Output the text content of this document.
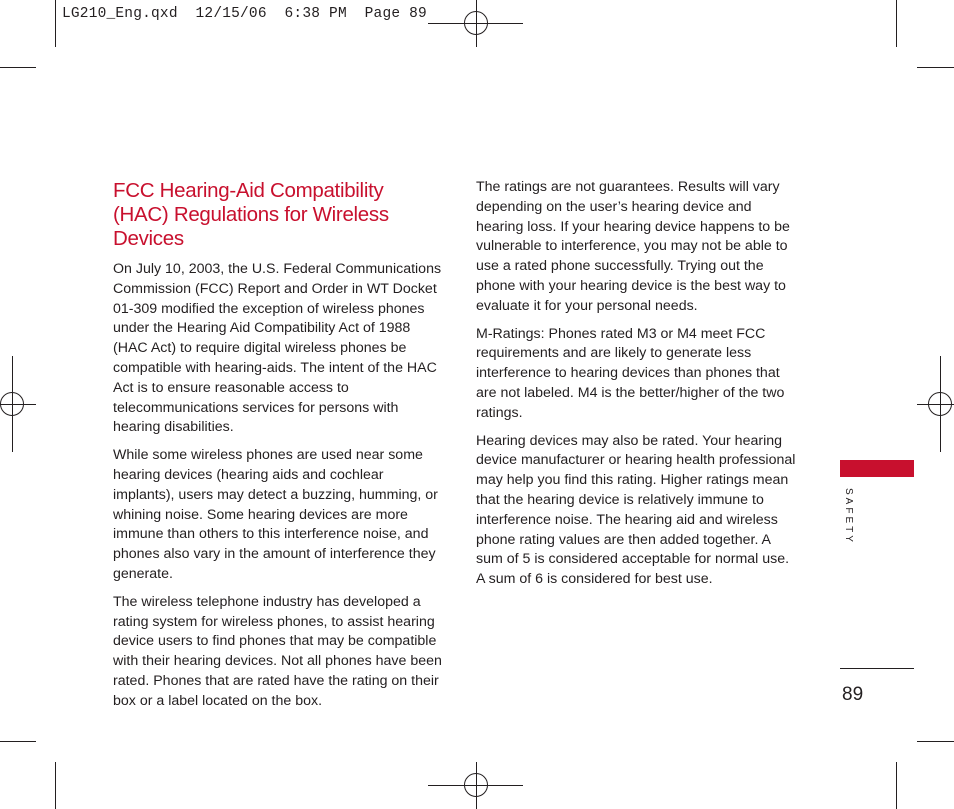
LG210_Eng.qxd  12/15/06  6:38 PM  Page 89
FCC Hearing-Aid Compatibility (HAC) Regulations for Wireless Devices

On July 10, 2003, the U.S. Federal Communications Commission (FCC) Report and Order in WT Docket 01-309 modified the exception of wireless phones under the Hearing Aid Compatibility Act of 1988 (HAC Act) to require digital wireless phones be compatible with hearing-aids. The intent of the HAC Act is to ensure reasonable access to telecommunications services for persons with hearing disabilities.

While some wireless phones are used near some hearing devices (hearing aids and cochlear implants), users may detect a buzzing, humming, or whining noise. Some hearing devices are more immune than others to this interference noise, and phones also vary in the amount of interference they generate.

The wireless telephone industry has developed a rating system for wireless phones, to assist hearing device users to find phones that may be compatible with their hearing devices. Not all phones have been rated. Phones that are rated have the rating on their box or a label located on the box.

The ratings are not guarantees. Results will vary depending on the user’s hearing device and hearing loss. If your hearing device happens to be vulnerable to interference, you may not be able to use a rated phone successfully. Trying out the phone with your hearing device is the best way to evaluate it for your personal needs.

M-Ratings: Phones rated M3 or M4 meet FCC requirements and are likely to generate less interference to hearing devices than phones that are not labeled. M4 is the better/higher of the two ratings.

Hearing devices may also be rated. Your hearing device manufacturer or hearing health professional may help you find this rating. Higher ratings mean that the hearing device is relatively immune to interference noise. The hearing aid and wireless phone rating values are then added together. A sum of 5 is considered acceptable for normal use. A sum of 6 is considered for best use.

SAFETY
89
